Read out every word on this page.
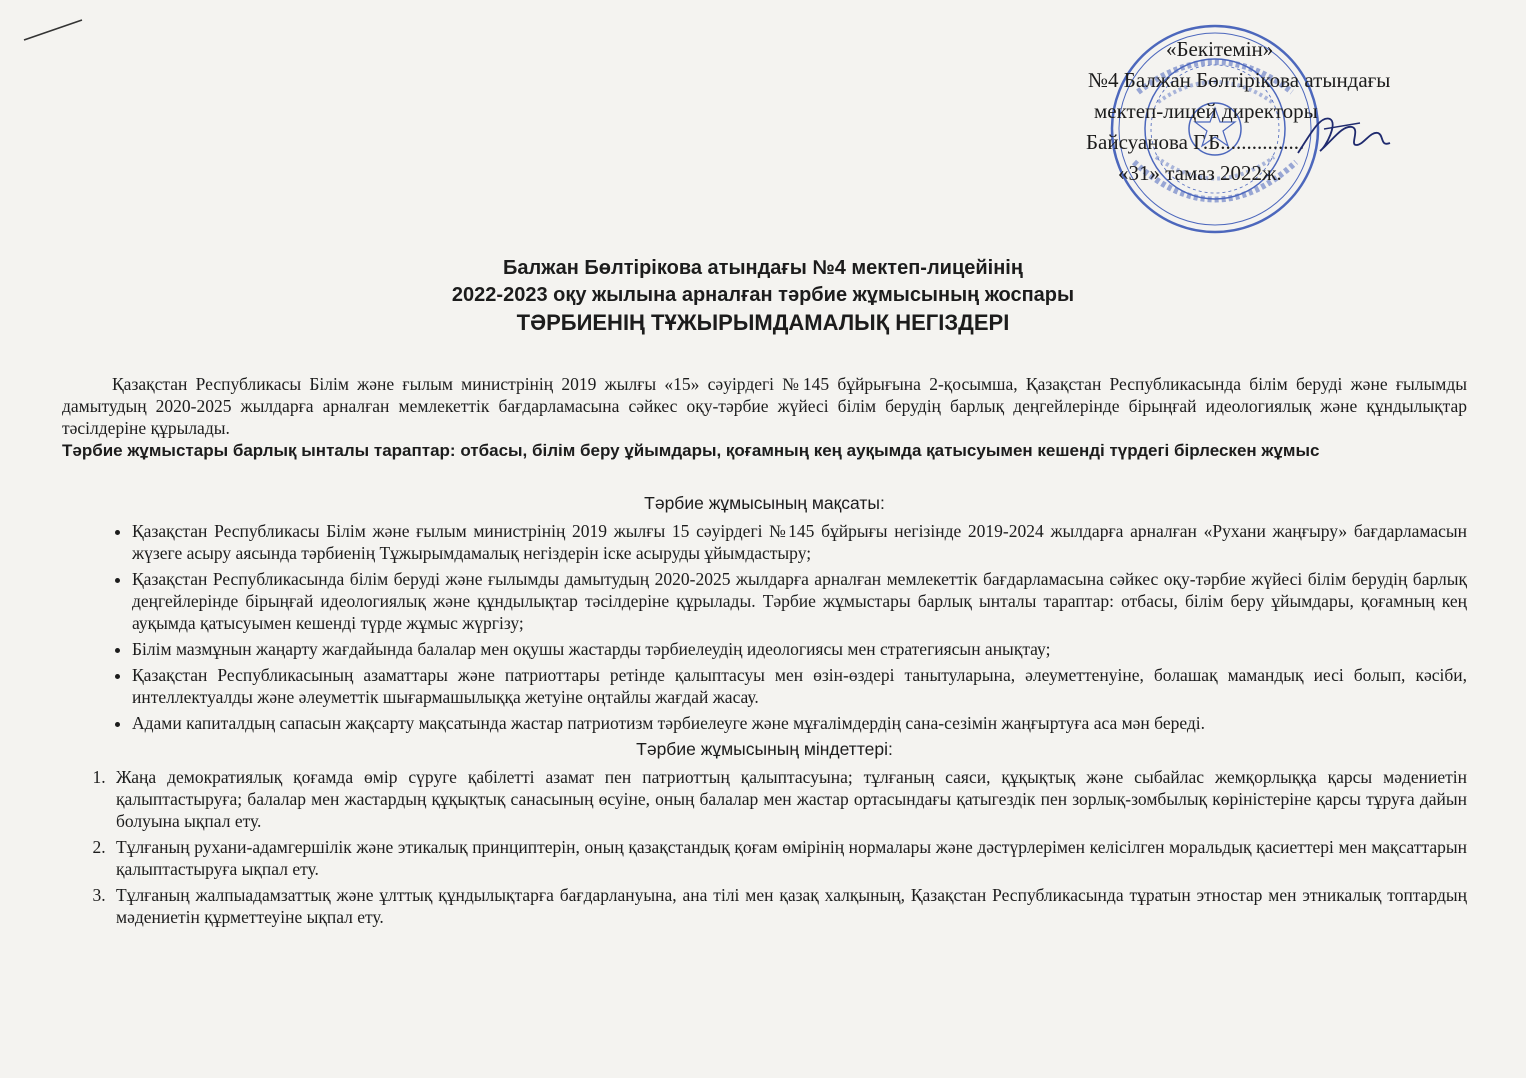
«Бекітемін»
№4 Балжан Бөлтірікова атындағы
мектеп-лицей директоры
Байсуанова Г.Б................
«31» тамаз 2022ж.
Балжан Бөлтірікова атындағы №4 мектеп-лицейінің
2022-2023 оқу жылына арналған тәрбие жұмысының жоспары
ТӘРБИЕНІҢ ТҰЖЫРЫМДАМАЛЫҚ НЕГІЗДЕРІ

Қазақстан Республикасы Білім және ғылым министрінің 2019 жылғы «15» сәуірдегі №145 бұйрығына 2-қосымша, Қазақстан Республикасында білім беруді және ғылымды дамытудың 2020-2025 жылдарға арналған мемлекеттік бағдарламасына сәйкес оқу-тәрбие жүйесі білім берудің барлық деңгейлерінде бірыңғай идеологиялық және құндылықтар тәсілдеріне құрылады.

Тәрбие жұмыстары барлық ынталы тараптар: отбасы, білім беру ұйымдары, қоғамның кең ауқымда қатысуымен кешенді түрдегі бірлескен жұмыс

Тәрбие жұмысының мақсаты:

• Қазақстан Республикасы Білім және ғылым министрінің 2019 жылғы 15 сәуірдегі №145 бұйрығы негізінде 2019-2024 жылдарға арналған «Рухани жаңғыру» бағдарламасын жүзеге асыру аясында тәрбиенің Тұжырымдамалық негіздерін іске асыруды ұйымдастыру;
• Қазақстан Республикасында білім беруді және ғылымды дамытудың 2020-2025 жылдарға арналған мемлекеттік бағдарламасына сәйкес оқу-тәрбие жүйесі білім берудің барлық деңгейлерінде бірыңғай идеологиялық және құндылықтар тәсілдеріне құрылады. Тәрбие жұмыстары барлық ынталы тараптар: отбасы, білім беру ұйымдары, қоғамның кең ауқымда қатысуымен кешенді түрде жұмыс жүргізу;
• Білім мазмұнын жаңарту жағдайында балалар мен оқушы жастарды тәрбиелеудің идеологиясы мен стратегиясын анықтау;
• Қазақстан Республикасының азаматтары және патриоттары ретінде қалыптасуы мен өзін-өздері танытуларына, әлеуметтенуіне, болашақ мамандық иесі болып, кәсіби, интеллектуалды және әлеуметтік шығармашылыққа жетуіне оңтайлы жағдай жасау.
• Адами капиталдың сапасын жақсарту мақсатында жастар патриотизм тәрбиелеуге және мұғалімдердің сана-сезімін жаңғыртуға аса мән береді.

Тәрбие жұмысының міндеттері:

1. Жаңа демократиялық қоғамда өмір сүруге қабілетті азамат пен патриоттың қалыптасуына; тұлғаның саяси, құқықтық және сыбайлас жемқорлыққа қарсы мәдениетін қалыптастыруға; балалар мен жастардың құқықтық санасының өсуіне, оның балалар мен жастар ортасындағы қатыгездік пен зорлық-зомбылық көріністеріне қарсы тұруға дайын болуына ықпал ету.
2. Тұлғаның рухани-адамгершілік және этикалық принциптерін, оның қазақстандық қоғам өмірінің нормалары және дәстүрлерімен келісілген моральдық қасиеттері мен мақсаттарын қалыптастыруға ықпал ету.
3. Тұлғаның жалпыадамзаттық және ұлттық құндылықтарға бағдарлануына, ана тілі мен қазақ халқының, Қазақстан Республикасында тұратын этностар мен этникалық топтардың мәдениетін құрметтеуіне ықпал ету.
